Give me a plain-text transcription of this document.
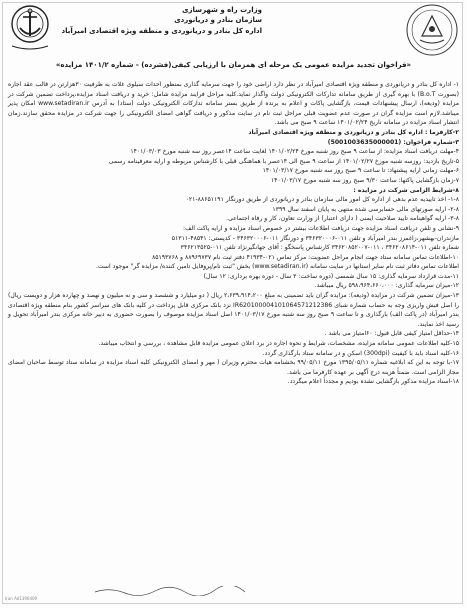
وزارت راه و شهرسازی
سازمان بنادر و دریانوردی
اداره کل بنادر و دریانوردی و منطقه ویژه اقتصادی امیرآباد
«فراخوان تجدید مزایده عمومی یک مرحله ای همزمان با ارزیابی کیفی(فشرده) - شماره ۱۴۰۱/۲ مزایده»

۱- اداره کل بنادر و دریانوردی و منطقه ویژه اقتصادی امیرآباد در نظر دارد اراضی خود را جهت سرمایه گذاری بمنظور احداث سیلوی غلات به ظرفیت ۳۰هزارتن در قالب عقد اجاره (بصورت B.o.T) با بهره گیری از طریق سامانه تدارکات الکترونیکی دولت واگذار نماید.کلیه مراحل فرایند مزایده شامل: خرید و دریافت اسناد مزایده،پرداخت تضمین شرکت در مزایده (ودیعه)، ارسال پیشنهادات قیمت، بازگشایی پاکات و اعلام به برنده از طریق بستر سامانه تدارکات الکترونیکی دولت (ستاد) به آدرس www.setadiran.ir امکان پذیر میباشد.لازم است مزایده گران در صورت عدم عضویت قبلی مراحل ثبت نام در سایت مذکور و دریافت گواهی امضای الکترونیکی را جهت شرکت در مزایده محقق سازند.زمان انتشار اسناد مزایده در سامانه تاریخ ۱۴۰۱/۰۲/۲۴ ساعت ۹ صبح می باشد.

۲-کارفرما : اداره کل بنادر و دریانوردی و منطقه ویژه اقتصادی امیرآباد

۳-شماره فراخوان: (5001003635000001)

۴-مهلت دریافت اسناد مزایده: از ساعت ۹ صبح روز شنبه مورخ ۱۴۰۱/۰۲/۲۴ لغایت ساعت ۱۴عصر روز سه شنبه مورخ ۱۴۰۱/۰۳/۰۳

۵-تاریخ بازدید: روزسه شنبه مورخ ۱۴۰۱/۰۲/۲۷ از ساعت ۹ صبح الی ۱۴عصر با هماهنگی قبلی با کارشناس مربوطه و ارایه معرفینامه رسمی

۶-مهلت زمانی ارایه پیشنهاد: تا ساعت ۹ صبح روز سه شنبه مورخ ۱۴۰۱/۰۳/۱۷

۷-زمان بازگشایی پاکتها: ساعت ۹/۳۰ صبح روز سه شنبه مورخ ۱۴۰۱/۰۳/۱۷

۸-شرایط الزامی شرکت در مزایده :

۱-۸- اخذ تاییدیه عدم بدهی از اداره کل امور مالی سازمان بنادر و دریانوردی از طریق دورنگار ۸۸۶۵۱۱۹۱-۰۲۱

۲-۸- ارایه صورتهای مالی حسابرسی شده منتهی به پایان اسفند سال ۱۳۹۹

۳-۸- ارایه گواهینامه تایید صلاحیت ایمنی ( دارای اعتبار) از وزارت تعاون، کار و رفاه اجتماعی.

۹-نشانی و تلفن دریافت اسناد مزایده جهت دریافت اطلاعات بیشتر در خصوص اسناد مزایده و ارایه پاکت الف:

مازندران-بهشهر،زاغمرز بندر امیرآباد و تلفن ۰۱۱-۳۴۶۳۲۰۰۰۶ و دورنگار ۰۱۱-۳۴۶۳۲۰۰۰۶ - کدپستی: ۴۸۵۴۱-۵۱۳۱۱

شماره تلفن ۰۱۱-۳۴۶۲۰۸۶۱۴ ، ۰۱۱-۳۴۶۲۰۸۵۲۰۰۷ کارشناس پاسخگو : آقای جهانگیرنژاد تلفن ۰۱۱-۳۴۶۲۱۳۵۲۵

۱۰-اطلاعات تماس سامانه ستاد جهت انجام مراحل عضویت: مرکز تماس ۰۲۱-۴۱۹۳۴ دفتر ثبت نام ۸۸۹۶۹۷۳۷ و ۸۵۱۹۳۷۶۸

اطلاعات تماس دفاتر ثبت نام سایر استانها در سایت سامانه (www.setadiran.ir) بخش "ثبت نام/پروفایل تامین کننده/ مزایده گر" موجود است.

۱۱-مدت قرارداد سرمایه گذاری: ۱۵ سال شمسی (دوره ساخت: ۳ سال - دوره بهره برداری: ۱۲ سال)

۱۲-میزان سرمایه گذاری: ۵۹۸،۹۶۴،۶۶۰،۰۰۰ ریال میباشد.

۱۳-میزان تضمین شرکت در مزایده (ودیعه): مزایده گران باید تضمینی به مبلغ ۲،۶۳۹،۹۱۴،۲۰۰ ریال ( دو میلیارد و ششصد و سی و نه میلیون و نهصد و چهارده هزار و دویست ریال) را اصل فیش واریزی وجه به حساب شماره شبای IR620100004101064571212386 نزد بانک مرکزی قابل پرداخت در کلیه بانک های سراسر کشور بنام منطقه ویژه اقتصادی بندر امیرآباد (در پاکت الف) بارگذاری و تا ساعت ۹ صبح روز سه شنبه مورخ ۱۴۰۱/۰۳/۱۷ اصل اسناد مزایده موصوف را بصورت حضوری به دبیر خانه مرکزی بندر امیرآباد تحویل و رسید اخذ نمایند.

۱۴-حداقل امتیاز کیفی قابل قبول: ۶۰امتیاز می باشد .

۱۵-کلیه اطلاعات عمومی سامانه مزایده، مشخصات، شرایط و نحوه اجاره در برد اعلان عمومی مزایده قابل مشاهده ، بررسی و انتخاب میباشد.

۱۶-کلیه اسناد باید با کیفیت (300dpi) اسکن و در سامانه ستاد بارگذاری گردد.

۱۷-با توجه به این که ابلاغیه شماره ۱۳۹۵/۰۵/۱۱ مورخ ۹۹/۰۵/۱۱ بخشنامه هیات محترم وزیران ( مهر و امضای الکترونیکی کلیه اسناد مزایده در سامانه ستاد توسط صاحبان امضای مجاز الزامی است. ضمناً هزینه درج آگهی بر عهده کارفرما می باشد.

۱۸-اسناد مزایده مذکور بازگشایی نشده بودیم و مجدداً اعلام میگردد.

Iran Ad1390409
